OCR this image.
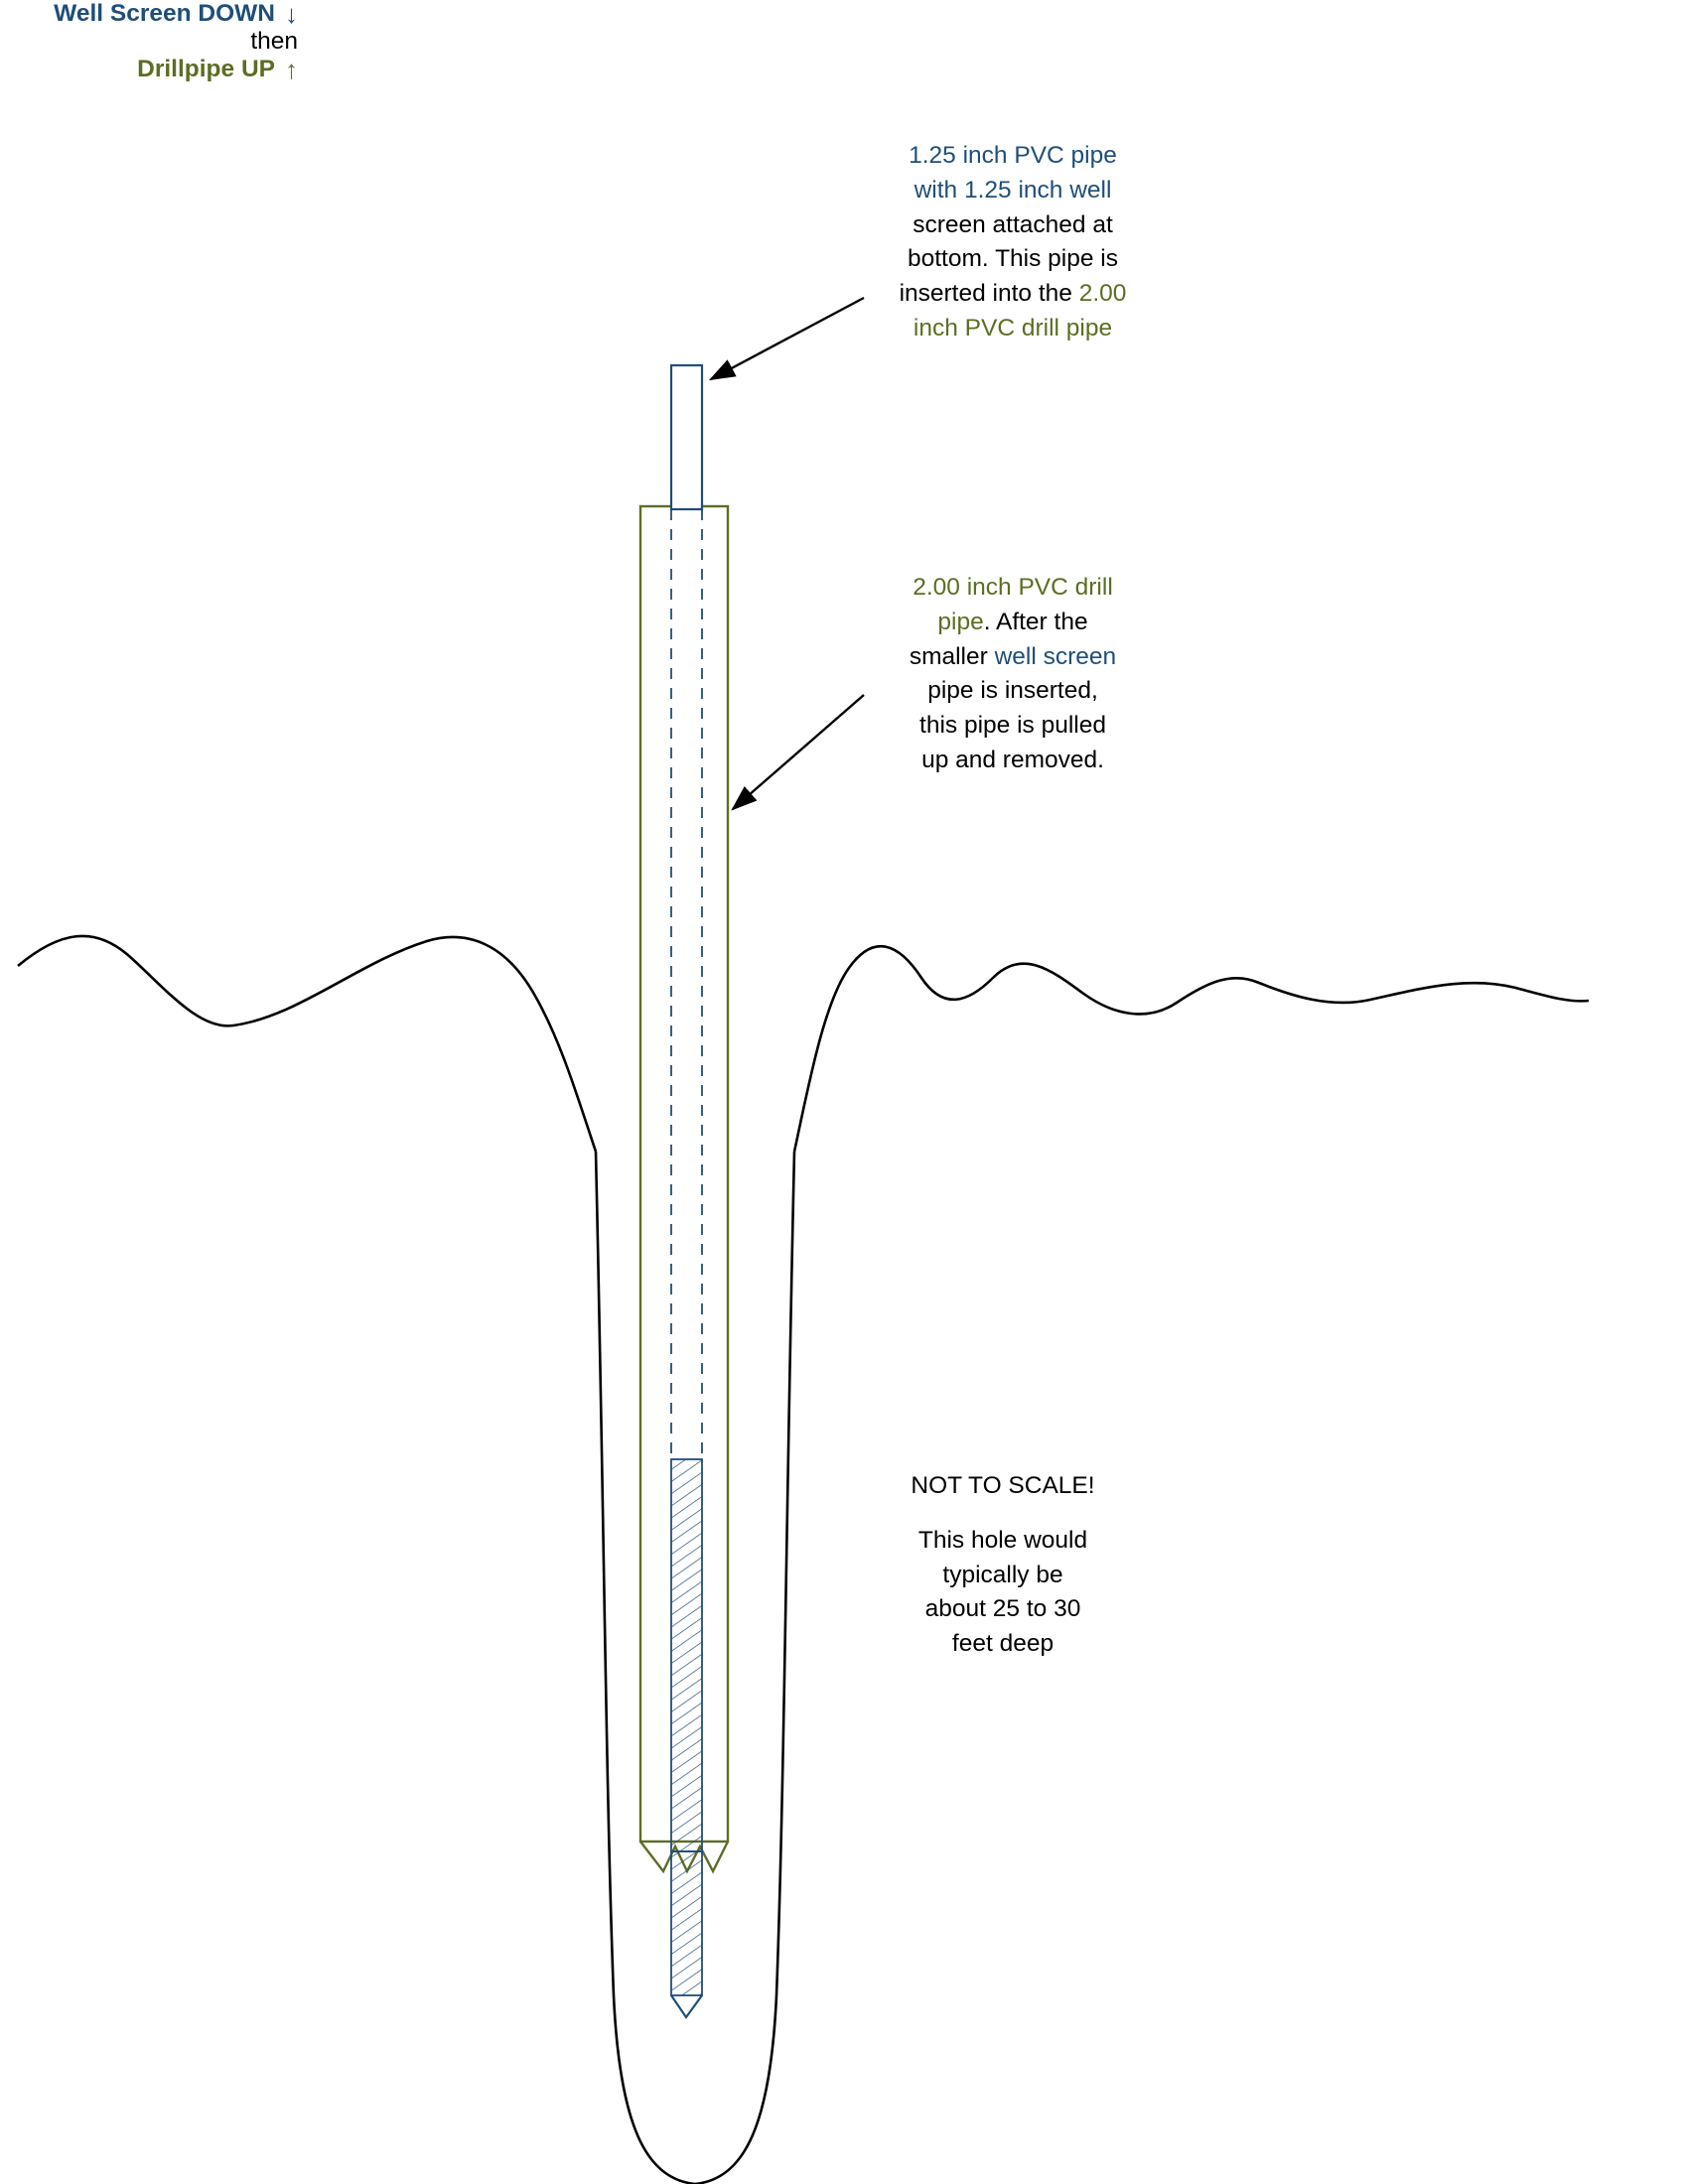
1.25 inch PVC pipe
with 1.25 inch well
screen attached at
bottom. This pipe is
inserted into the 2.00
inch PVC drill pipe
2.00 inch PVC drill
pipe. After the
smaller well screen
pipe is inserted,
this pipe is pulled
up and removed.
Well Screen DOWN ↓
then
Drillpipe UP ↑
NOT TO SCALE!
This hole would
typically be
about 25 to 30
feet deep
